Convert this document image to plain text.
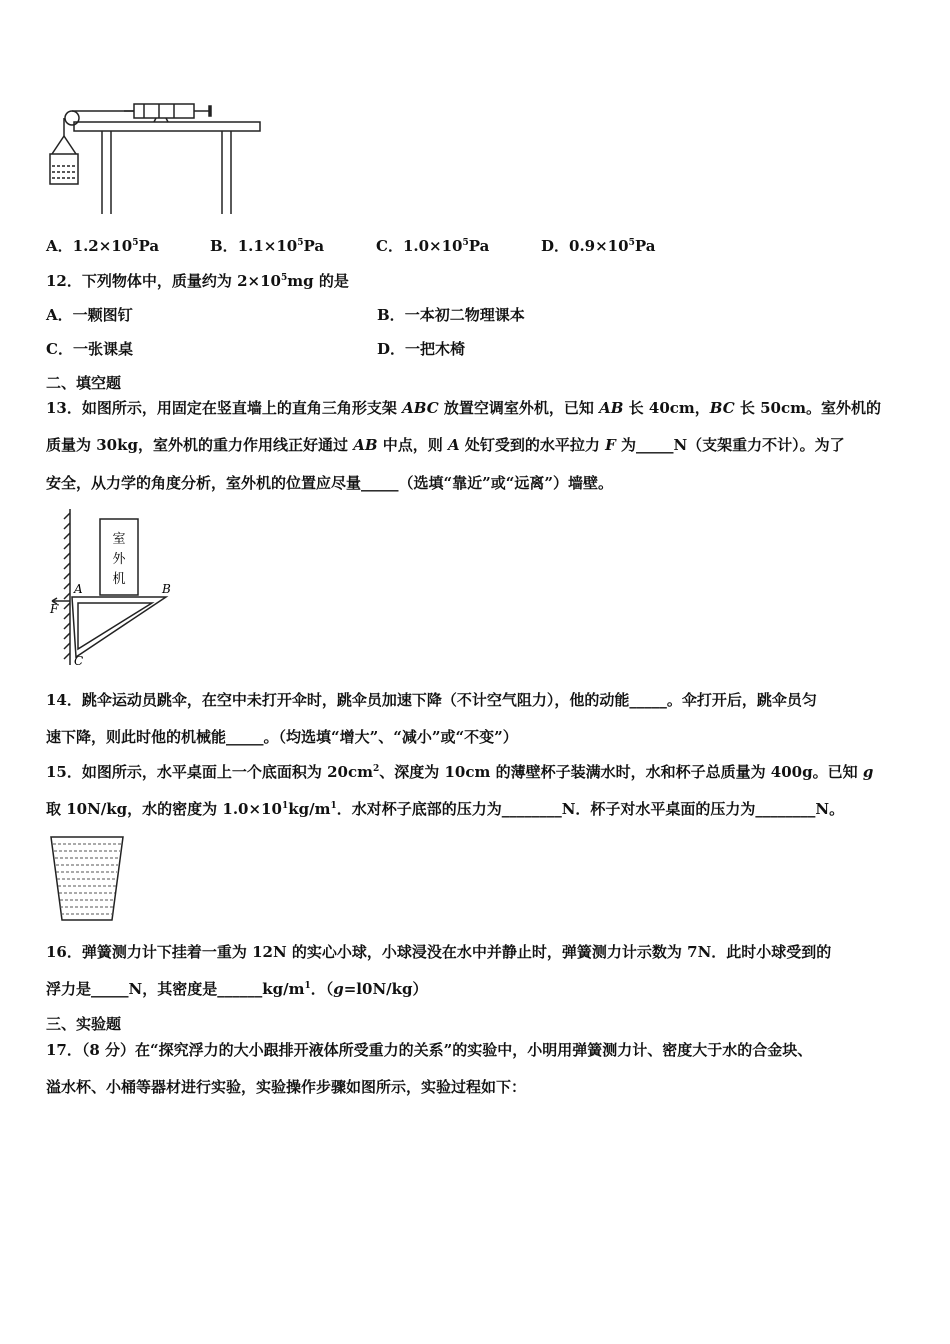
A．$1.2\times 10^5Pa$	B．$1.1\times 10^5Pa$	C．$1.0\times 10^5Pa$	D．$0.9\times 10^5Pa$
12．下列物体中，质量约为 $2\times 10^5mg$ 的是
A．一颗图钉	B．一本初二物理课本
C．一张课桌	D．一把木椅
二、填空题
13．如图所示，用固定在竖直墙上的直角三角形支架 ABC 放置空调室外机，已知 AB 长 40cm，BC 长 50cm。室外机的
质量为 30kg，室外机的重力作用线正好通过 AB 中点，则 A 处钉受到的水平拉力 F 为_____N（支架重力不计）。为了
安全，从力学的角度分析，室外机的位置应尽量_____（选填“靠近”或“远离”）墙壁。
室
外
机
A	B
C
F
14．跳伞运动员跳伞，在空中未打开伞时，跳伞员加速下降（不计空气阻力），他的动能_____。伞打开后，跳伞员匀
速下降，则此时他的机械能_____。（均选填“增大”、“减小”或“不变”）
15．如图所示，水平桌面上一个底面积为 $20cm^2$、深度为 10cm 的薄壁杯子装满水时，水和杯子总质量为 400g。已知 g
取 10N/kg，水的密度为 $1.0\times 10^1kg/m^1$．水对杯子底部的压力为________N．杯子对水平桌面的压力为________N。
16．弹簧测力计下挂着一重为 12N 的实心小球，小球浸没在水中并静止时，弹簧测力计示数为 7N．此时小球受到的
浮力是_____N，其密度是$\_\_\_\_\_\_kg/m^1$．（g=l0N/kg）
三、实验题
17．（8 分）在“探究浮力的大小跟排开液体所受重力的关系”的实验中，小明用弹簧测力计、密度大于水的合金块、
溢水杯、小桶等器材进行实验，实验操作步骤如图所示，实验过程如下：
